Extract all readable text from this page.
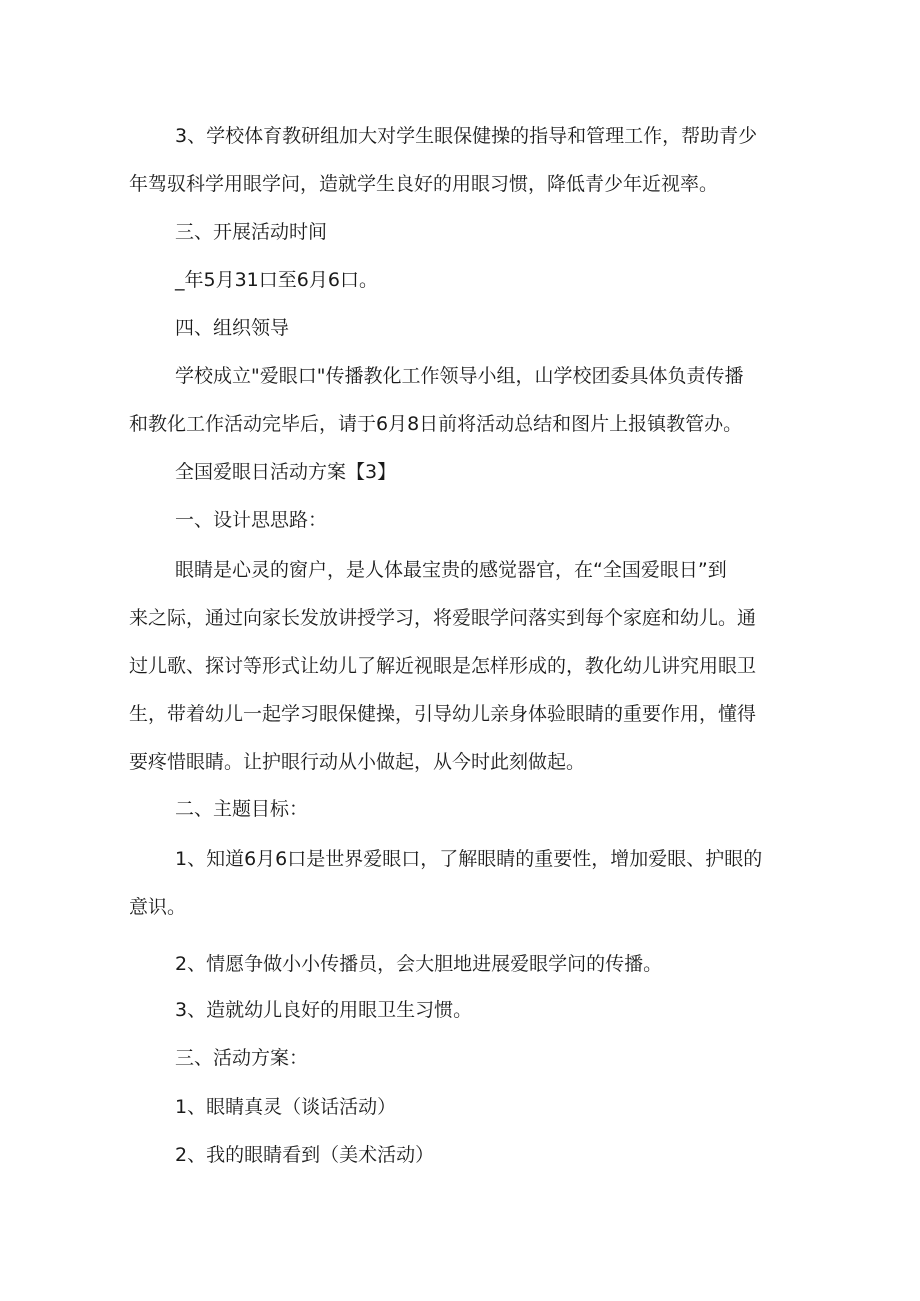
3、学校体育教研组加大对学生眼保健操的指导和管理工作，帮助青少
年驾驭科学用眼学问，造就学生良好的用眼习惯，降低青少年近视率。

三、开展活动时间

_年5月31口至6月6口。

四、组织领导

学校成立"爱眼口"传播教化工作领导小组，山学校团委具体负责传播
和教化工作活动完毕后，请于6月8日前将活动总结和图片上报镇教管办。

全国爱眼日活动方案【3】

一、设计思思路：

眼睛是心灵的窗户，是人体最宝贵的感觉器官，在“全国爱眼日”到
来之际，通过向家长发放讲授学习，将爱眼学问落实到每个家庭和幼儿。通
过儿歌、探讨等形式让幼儿了解近视眼是怎样形成的，教化幼儿讲究用眼卫
生，带着幼儿一起学习眼保健操，引导幼儿亲身体验眼睛的重要作用，懂得
要疼惜眼睛。让护眼行动从小做起，从今时此刻做起。

二、主题目标：

1、知道6月6口是世界爱眼口，了解眼睛的重要性，增加爱眼、护眼的
意识。

2、情愿争做小小传播员，会大胆地进展爱眼学问的传播。

3、造就幼儿良好的用眼卫生习惯。

三、活动方案：

1、眼睛真灵（谈话活动）

2、我的眼睛看到（美术活动）
